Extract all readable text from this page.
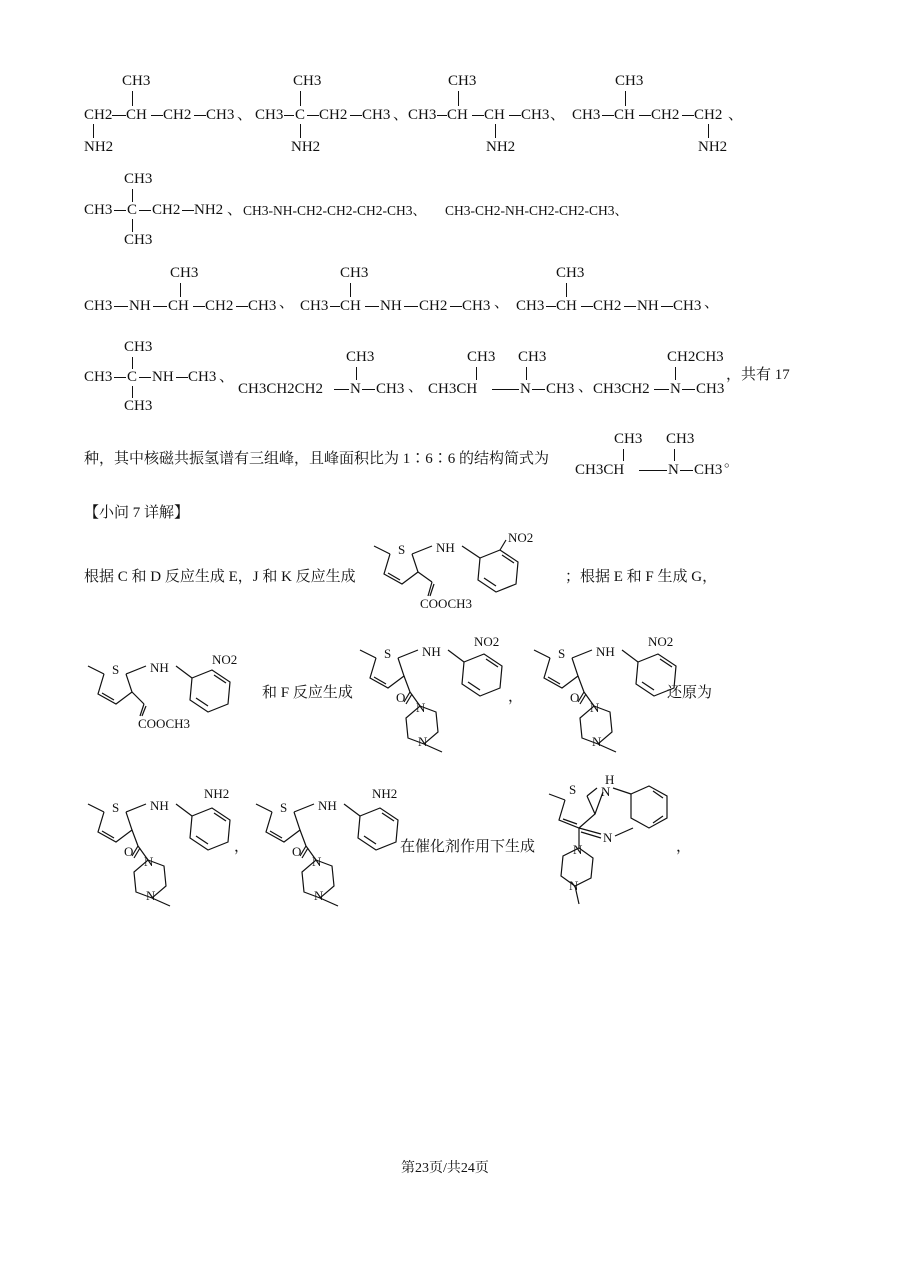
CH3
CH2 CH CH2 CH3 、
NH2
CH3
CH3 C CH2 CH3 、
NH2
CH3
CH3 CH CH CH3 、
NH2
CH3
CH3 CH CH2 CH2 、
NH2
CH3
CH3 C CH2 NH2 、
CH3
CH3-NH-CH2-CH2-CH2-CH3、 CH3-CH2-NH-CH2-CH2-CH3、
CH3
CH3 NH CH CH2 CH3 、
CH3
CH3 CH NH CH2 CH3 、
CH3
CH3 CH CH2 NH CH3 、
CH3
CH3 C NH CH3 、
CH3
CH3
CH3CH2CH2 N CH3 、
CH3 CH3
CH3CH	N CH3 、
CH2CH3
CH3CH2 N CH3
，共有 17
种，其中核磁共振氢谱有三组峰，且峰面积比为 1∶6∶6 的结构简式为
CH3 CH3
CH3CH	N CH3 。
【小问 7 详解】
根据 C 和 D 反应生成 E，J 和 K 反应生成
S NH
NO2
COOCH3
；根据 E 和 F 生成 G，
S NH
NO2
COOCH3
和 F 反应生成
S NH
NO2
O
N
N
，
S NH
NO2
O
N
N
还原为
S NH
NH2
O
N
N
，
S NH
NH2
O
N
N
在催化剂作用下生成
S N
H
N
N
N
，
第23页/共24页
